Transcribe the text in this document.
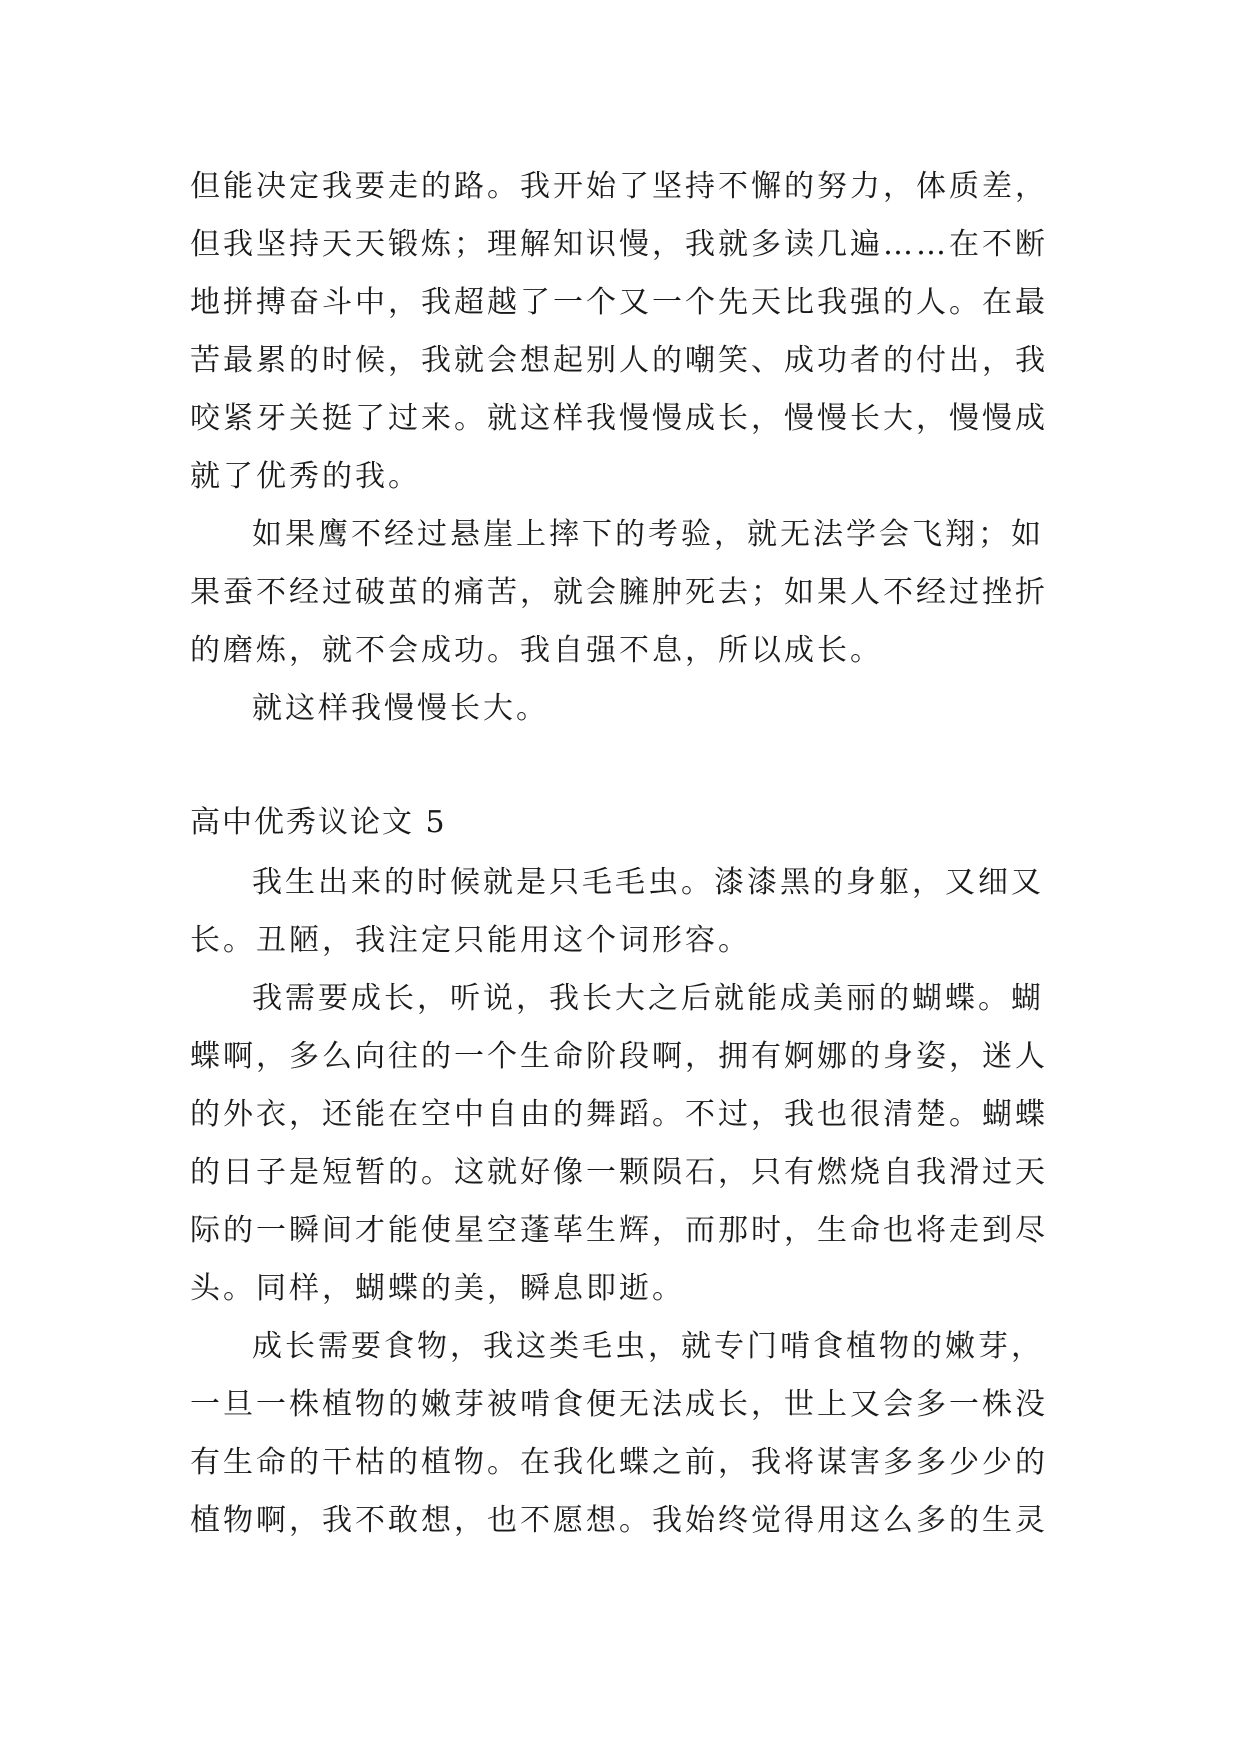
但能决定我要走的路。我开始了坚持不懈的努力，体质差，

但我坚持天天锻炼；理解知识慢，我就多读几遍……在不断

地拼搏奋斗中，我超越了一个又一个先天比我强的人。在最

苦最累的时候，我就会想起别人的嘲笑、成功者的付出，我

咬紧牙关挺了过来。就这样我慢慢成长，慢慢长大，慢慢成

就了优秀的我。

如果鹰不经过悬崖上摔下的考验，就无法学会飞翔；如

果蚕不经过破茧的痛苦，就会臃肿死去；如果人不经过挫折

的磨炼，就不会成功。我自强不息，所以成长。

就这样我慢慢长大。

高中优秀议论文 5

我生出来的时候就是只毛毛虫。漆漆黑的身躯，又细又

长。丑陋，我注定只能用这个词形容。

我需要成长，听说，我长大之后就能成美丽的蝴蝶。蝴

蝶啊，多么向往的一个生命阶段啊，拥有婀娜的身姿，迷人

的外衣，还能在空中自由的舞蹈。不过，我也很清楚。蝴蝶

的日子是短暂的。这就好像一颗陨石，只有燃烧自我滑过天

际的一瞬间才能使星空蓬荜生辉，而那时，生命也将走到尽

头。同样，蝴蝶的美，瞬息即逝。

成长需要食物，我这类毛虫，就专门啃食植物的嫩芽，

一旦一株植物的嫩芽被啃食便无法成长，世上又会多一株没

有生命的干枯的植物。在我化蝶之前，我将谋害多多少少的

植物啊，我不敢想，也不愿想。我始终觉得用这么多的生灵
